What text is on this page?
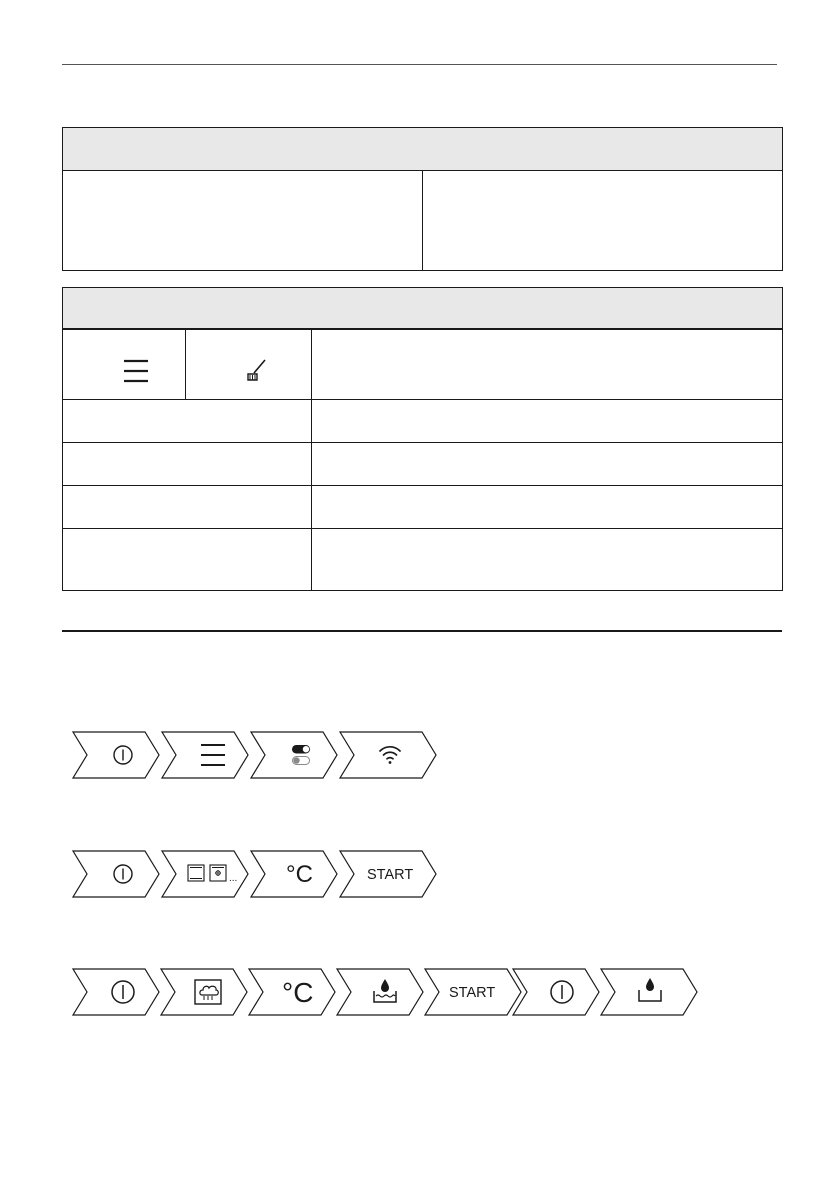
... °C	START
°C	START
